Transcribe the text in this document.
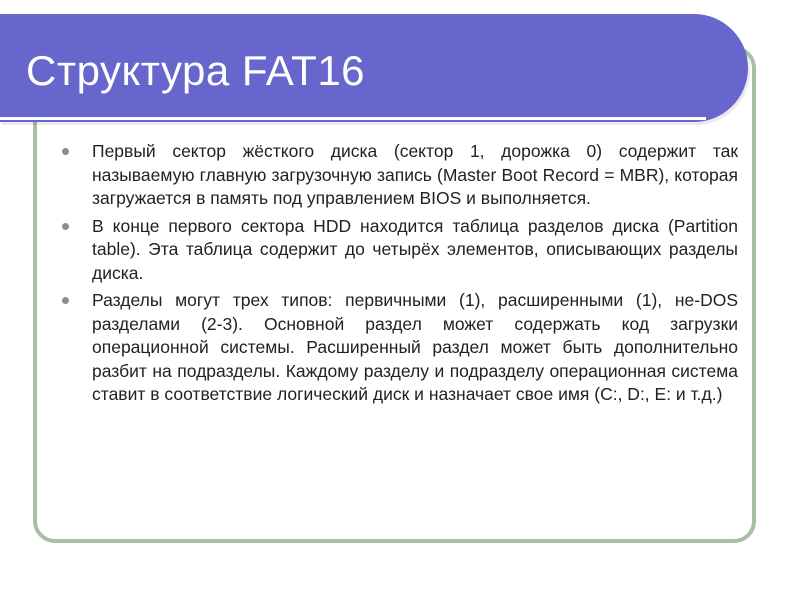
Структура FAT16
Первый сектор жёсткого диска (сектор 1, дорожка 0) содержит так называемую главную загрузочную запись (Master Boot Record = MBR), которая загружается в память под управлением BIOS и выполняется.
В конце первого сектора HDD находится таблица разделов диска (Partition table). Эта таблица содержит до четырёх элементов, описывающих разделы диска.
Разделы могут трех типов: первичными (1), расширенными (1), не-DOS разделами (2-3). Основной раздел может содержать код загрузки операционной системы. Расширенный раздел может быть дополнительно разбит на подразделы. Каждому разделу и подразделу операционная система ставит в соответствие логический диск и назначает свое имя (C:, D:, E: и т.д.)
